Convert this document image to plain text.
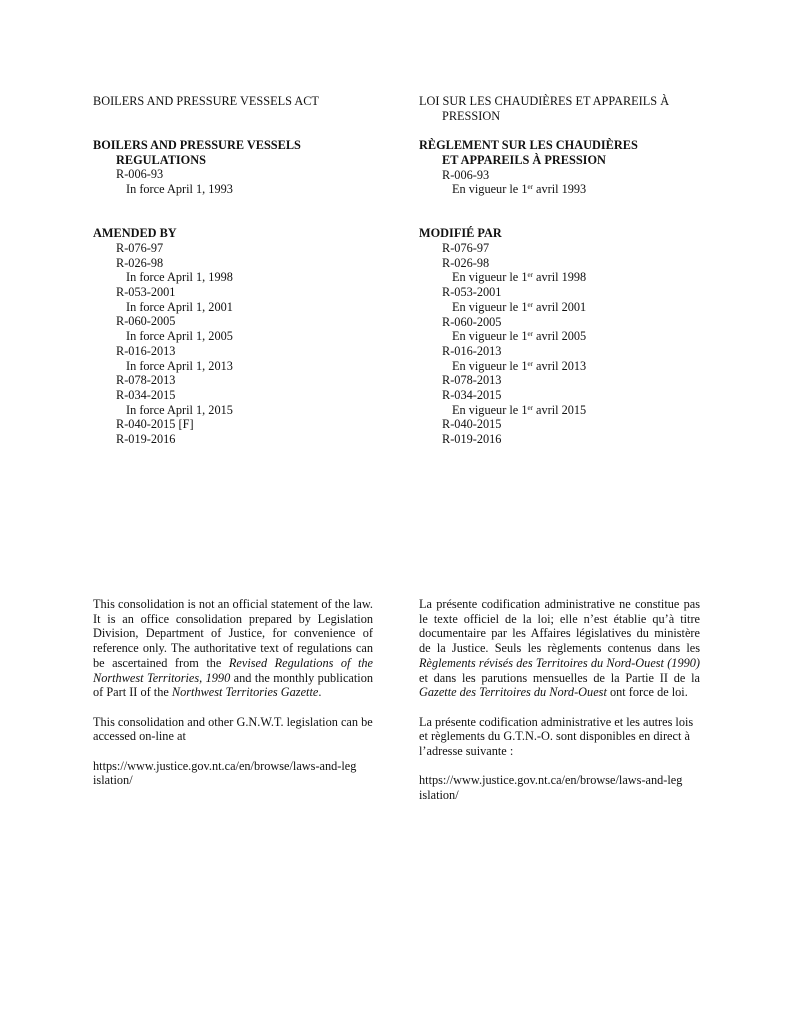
BOILERS AND PRESSURE VESSELS ACT
BOILERS AND PRESSURE VESSELS REGULATIONS
R-006-93
In force April 1, 1993
AMENDED BY
R-076-97
R-026-98
In force April 1, 1998
R-053-2001
In force April 1, 2001
R-060-2005
In force April 1, 2005
R-016-2013
In force April 1, 2013
R-078-2013
R-034-2015
In force April 1, 2015
R-040-2015 [F]
R-019-2016
LOI SUR LES CHAUDIÈRES ET APPAREILS À PRESSION
RÈGLEMENT SUR LES CHAUDIÈRES
ET APPAREILS À PRESSION
R-006-93
En vigueur le 1er avril 1993
MODIFIÉ PAR
R-076-97
R-026-98
En vigueur le 1er avril 1998
R-053-2001
En vigueur le 1er avril 2001
R-060-2005
En vigueur le 1er avril 2005
R-016-2013
En vigueur le 1er avril 2013
R-078-2013
R-034-2015
En vigueur le 1er avril 2015
R-040-2015
R-019-2016
This consolidation is not an official statement of the law. It is an office consolidation prepared by Legislation Division, Department of Justice, for convenience of reference only. The authoritative text of regulations can be ascertained from the Revised Regulations of the Northwest Territories, 1990 and the monthly publication of Part II of the Northwest Territories Gazette.
This consolidation and other G.N.W.T. legislation can be accessed on-line at
https://www.justice.gov.nt.ca/en/browse/laws-and-leg
islation/
La présente codification administrative ne constitue pas le texte officiel de la loi; elle n’est établie qu’à titre documentaire par les Affaires législatives du ministère de la Justice. Seuls les règlements contenus dans les Règlements révisés des Territoires du Nord-Ouest (1990) et dans les parutions mensuelles de la Partie II de la Gazette des Territoires du Nord-Ouest ont force de loi.
La présente codification administrative et les autres lois et règlements du G.T.N.-O. sont disponibles en direct à l’adresse suivante :
https://www.justice.gov.nt.ca/en/browse/laws-and-leg
islation/
